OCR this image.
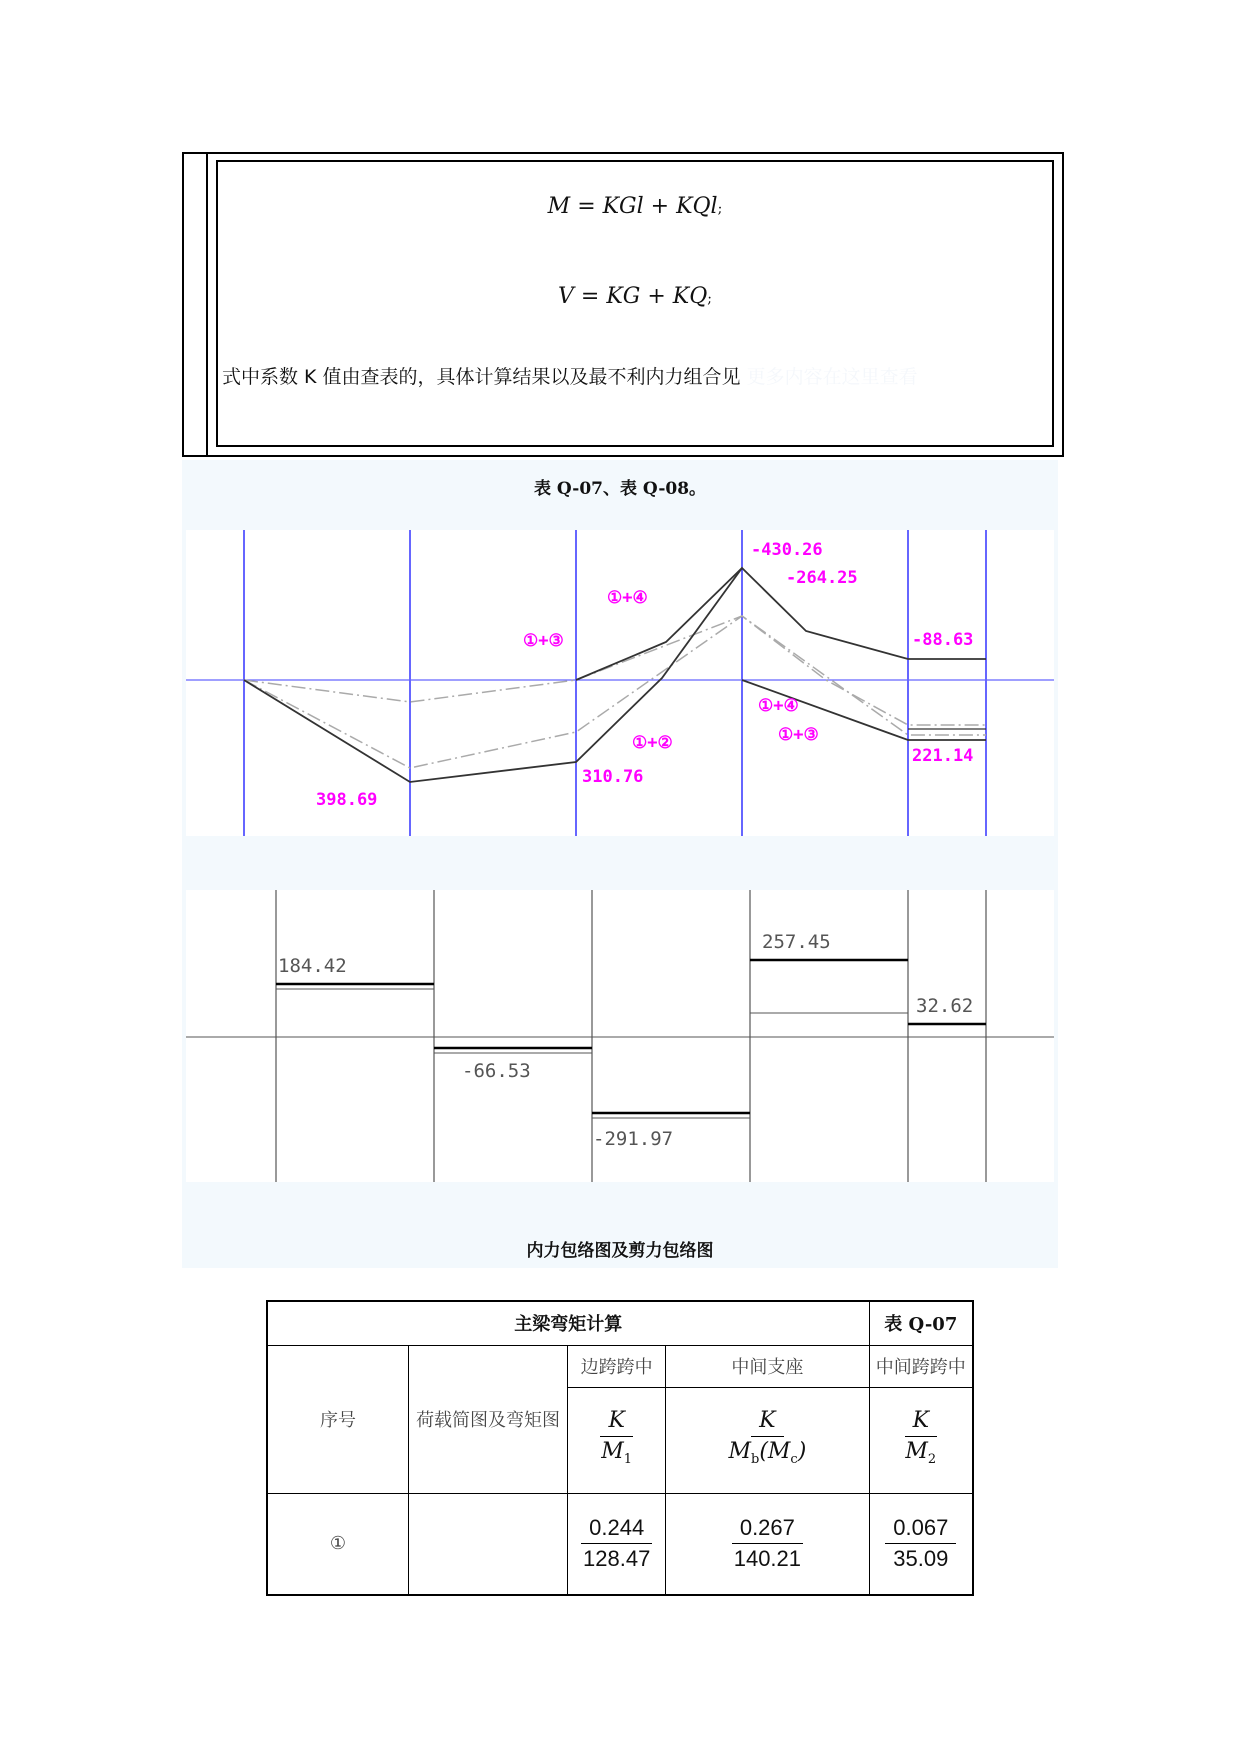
M = KGl + KQl;
V = KG + KQ;
式中系数 K 值由查表的，具体计算结果以及最不利内力组合见 更多内容在这里查看
表 Q-07、表 Q-08。
-430.26
-264.25
-88.63
398.69
310.76
221.14
①+④
①+③
①+②
①+④
①+③
184.42
-66.53
-291.97
257.45
32.62
内力包络图及剪力包络图
主梁弯矩计算				表 Q-07
序号	荷载简图及弯矩图	边跨跨中	中间支座	中间跨跨中

		$\frac{K}{M_1}$	$\frac{K}{M_b(M_c)}$	$\frac{K}{M_2}$

①		$\frac{0.244}{128.47}$	$\frac{0.267}{140.21}$	$\frac{0.067}{35.09}$
